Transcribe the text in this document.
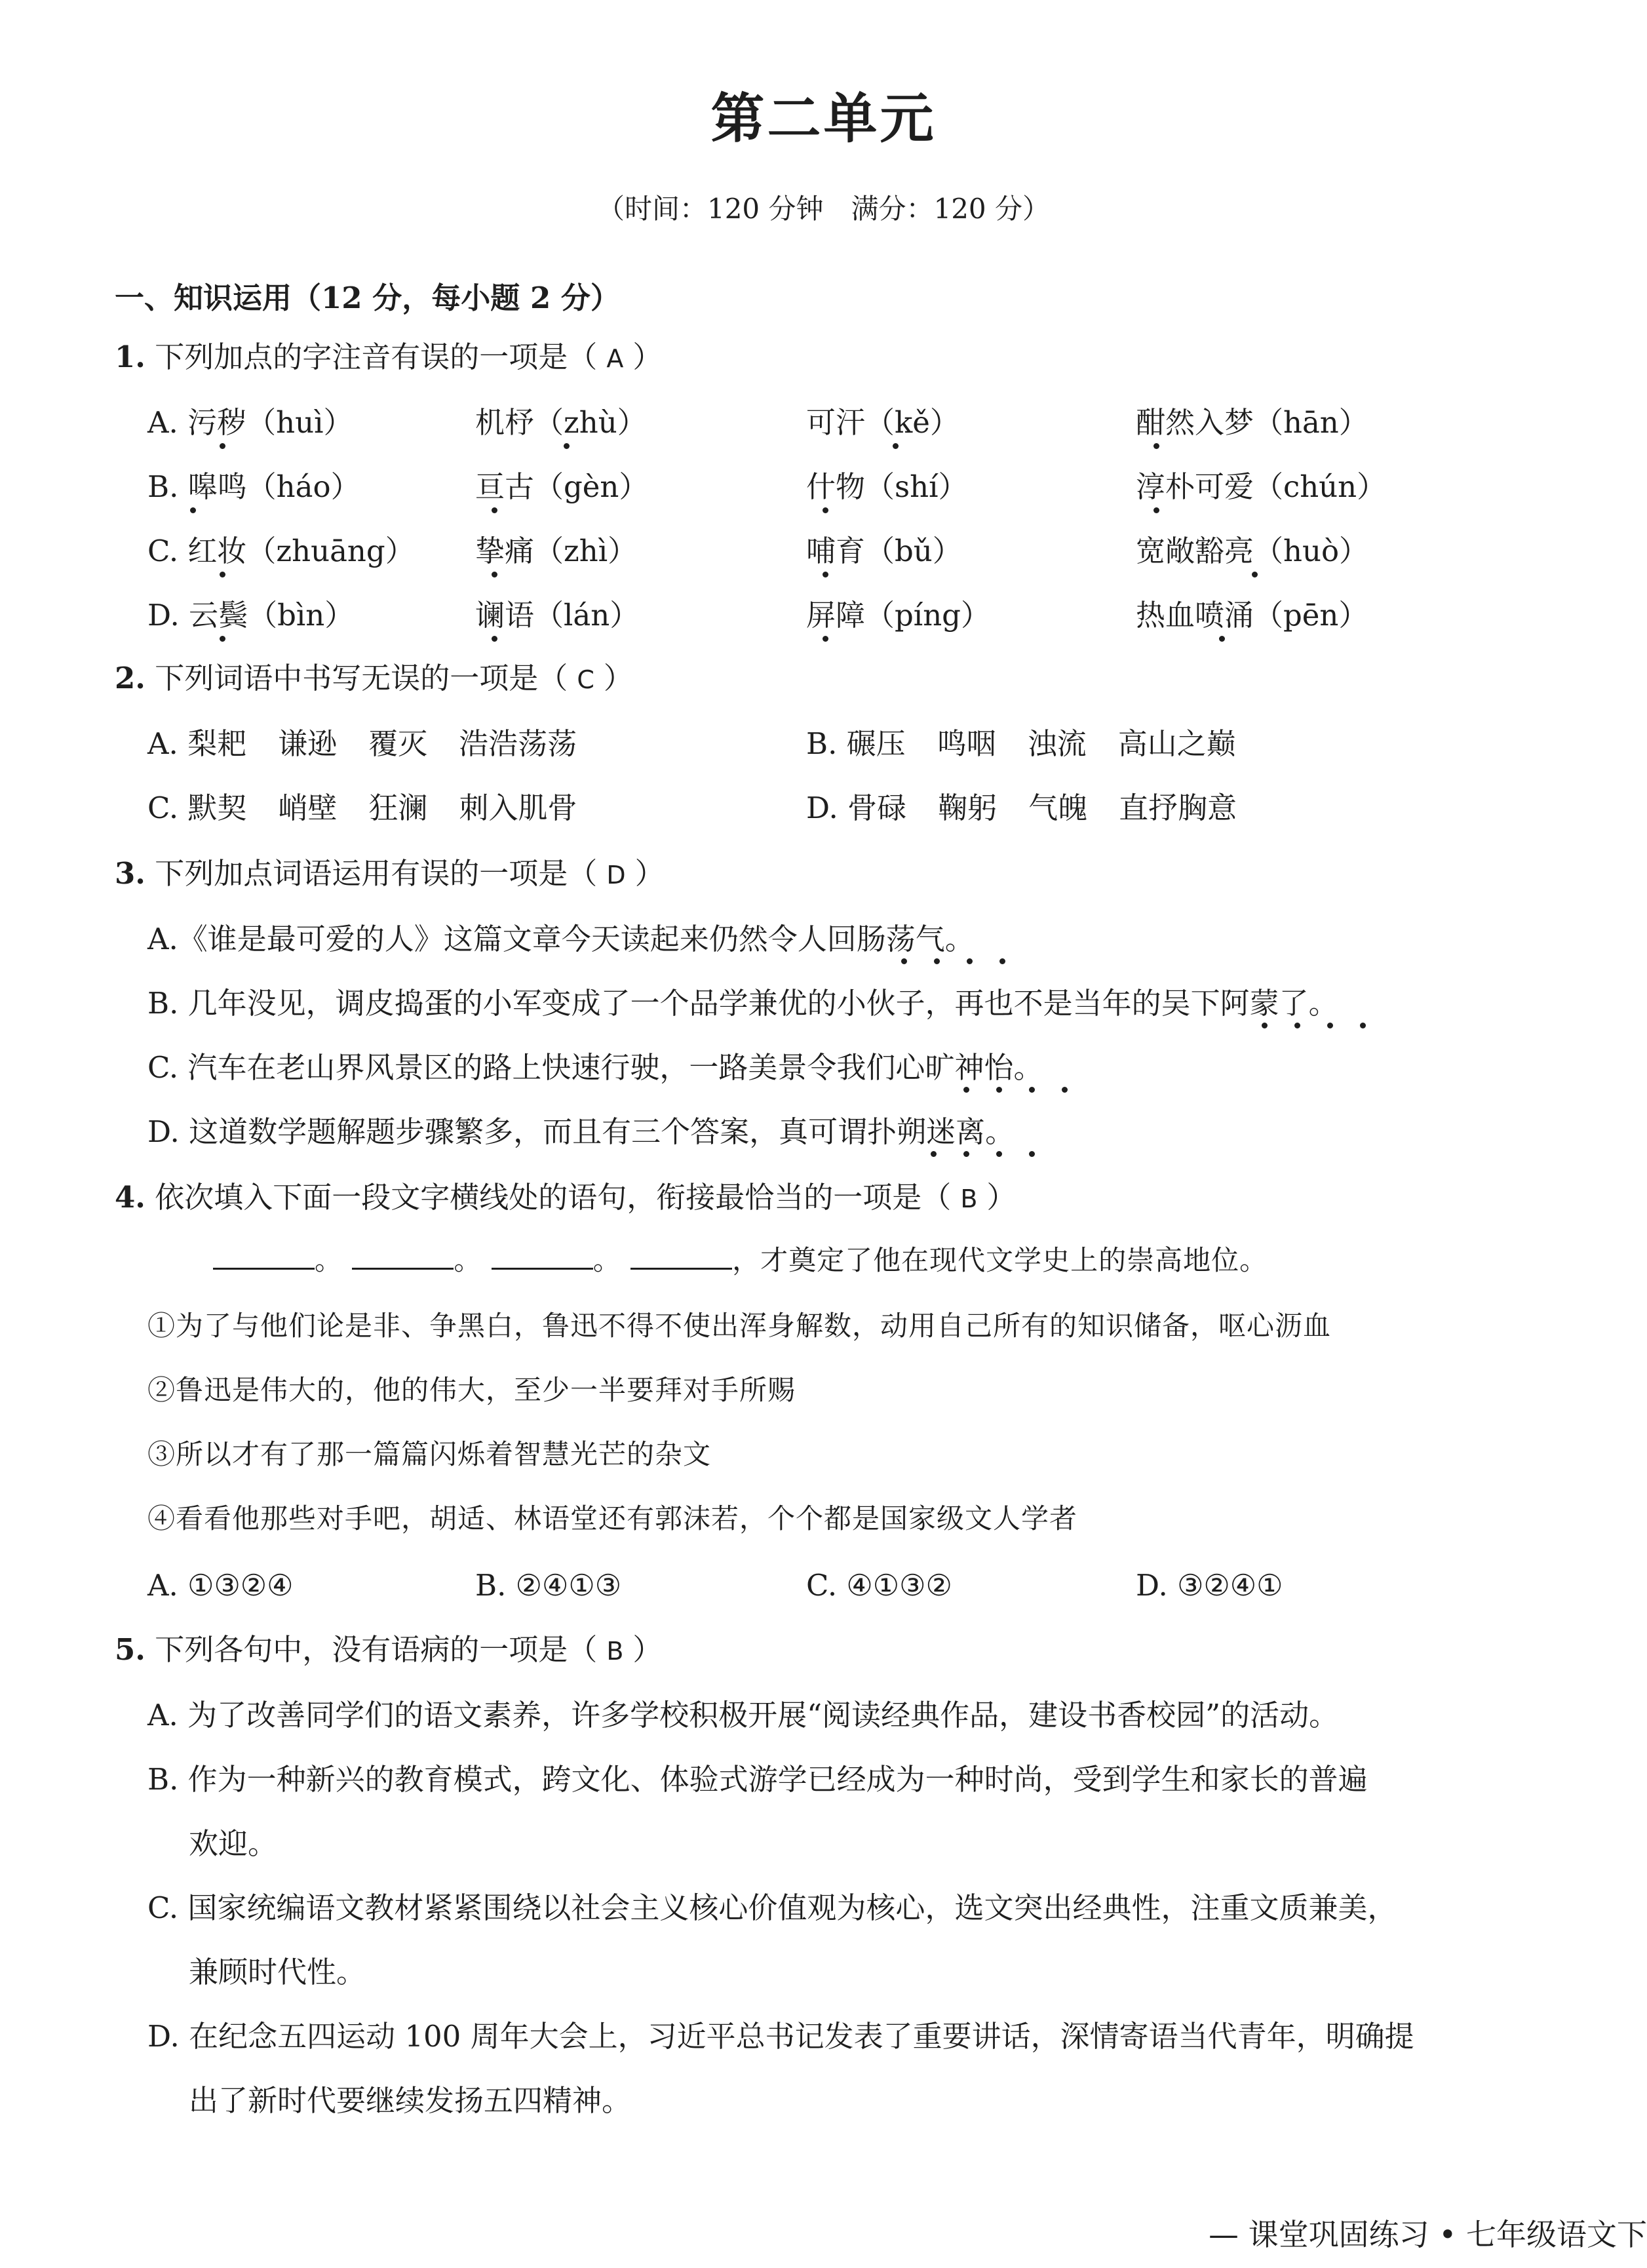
第二单元
（时间：120 分钟　满分：120 分）
一、知识运用（12 分，每小题 2 分）
1. 下列加点的字注音有误的一项是（ A ）
A. 污秽（huì）	机杼（zhù）	可汗（kě）	酣然入梦（hān）
B. 嗥鸣（háo）	亘古（gèn）	什物（shí）	淳朴可爱（chún）
C. 红妆（zhuāng） 挚痛（zhì）	哺育（bǔ）	宽敞豁亮（huò）
D. 云鬓（bìn）	谰语（lán）	屏障（píng）	热血喷涌（pēn）
2. 下列词语中书写无误的一项是（ C ）
A. 梨耙 谦逊 覆灭 浩浩荡荡	B. 碾压 鸣咽 浊流 高山之巅
C. 默契 峭壁 狂澜 刺入肌骨	D. 骨碌 鞠躬 气魄 直抒胸意
3. 下列加点词语运用有误的一项是（ D ）
A.《谁是最可爱的人》这篇文章今天读起来仍然令人回肠荡气。
B. 几年没见，调皮捣蛋的小军变成了一个品学兼优的小伙子，再也不是当年的吴下阿蒙了。
C. 汽车在老山界风景区的路上快速行驶，一路美景令我们心旷神怡。
D. 这道数学题解题步骤繁多，而且有三个答案，真可谓扑朔迷离。
4. 依次填入下面一段文字横线处的语句，衔接最恰当的一项是（ B ）
。	。	。	，才奠定了他在现代文学史上的崇高地位。
①为了与他们论是非、争黑白，鲁迅不得不使出浑身解数，动用自己所有的知识储备，呕心沥血
②鲁迅是伟大的，他的伟大，至少一半要拜对手所赐
③所以才有了那一篇篇闪烁着智慧光芒的杂文
④看看他那些对手吧，胡适、林语堂还有郭沫若，个个都是国家级文人学者
A. ①③②④	B. ②④①③	C. ④①③②	D. ③②④①
5. 下列各句中，没有语病的一项是（ B ）
A. 为了改善同学们的语文素养，许多学校积极开展“阅读经典作品，建设书香校园”的活动。
B. 作为一种新兴的教育模式，跨文化、体验式游学已经成为一种时尚，受到学生和家长的普遍
欢迎。
C. 国家统编语文教材紧紧围绕以社会主义核心价值观为核心，选文突出经典性，注重文质兼美，
兼顾时代性。
D. 在纪念五四运动 100 周年大会上，习近平总书记发表了重要讲话，深情寄语当代青年，明确提
出了新时代要继续发扬五四精神。
— 课堂巩固练习 • 七年级语文下
